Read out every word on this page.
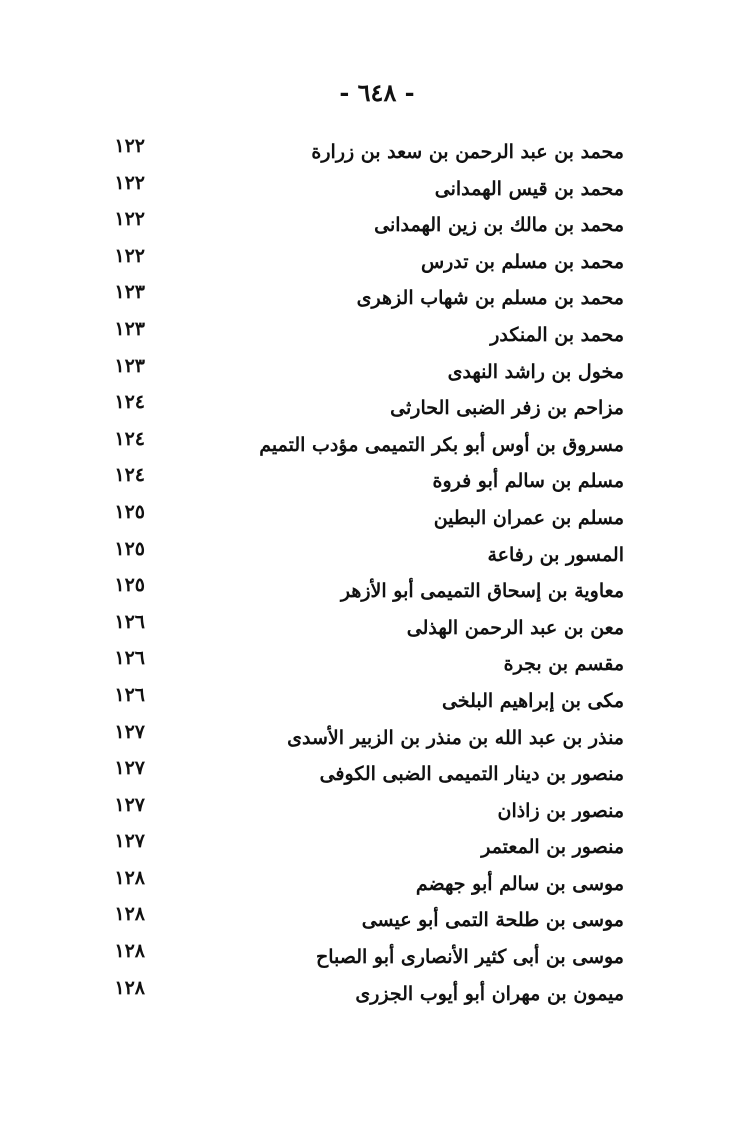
- ٦٤٨ -
محمد بن عبد الرحمن بن سعد بن زرارة
١٢٢
محمد بن قيس الهمدانى
١٢٢
محمد بن مالك بن زين الهمدانى
١٢٢
محمد بن مسلم بن تدرس
١٢٢
محمد بن مسلم بن شهاب الزهرى
١٢٣
محمد بن المنكدر
١٢٣
مخول بن راشد النهدى
١٢٣
مزاحم بن زفر الضبى الحارثى
١٢٤
مسروق بن أوس أبو بكر التميمى مؤدب التميم
١٢٤
مسلم بن سالم أبو فروة
١٢٤
مسلم بن عمران البطين
١٢٥
المسور بن رفاعة
١٢٥
معاوية بن إسحاق التميمى أبو الأزهر
١٢٥
معن بن عبد الرحمن الهذلى
١٢٦
مقسم بن بجرة
١٢٦
مكى بن إبراهيم البلخى
١٢٦
منذر بن عبد الله بن منذر بن الزبير الأسدى
١٢٧
منصور بن دينار التميمى الضبى الكوفى
١٢٧
منصور بن زاذان
١٢٧
منصور بن المعتمر
١٢٧
موسى بن سالم أبو جهضم
١٢٨
موسى بن طلحة التمى أبو عيسى
١٢٨
موسى بن أبى كثير الأنصارى أبو الصباح
١٢٨
ميمون بن مهران أبو أيوب الجزرى
١٢٨
